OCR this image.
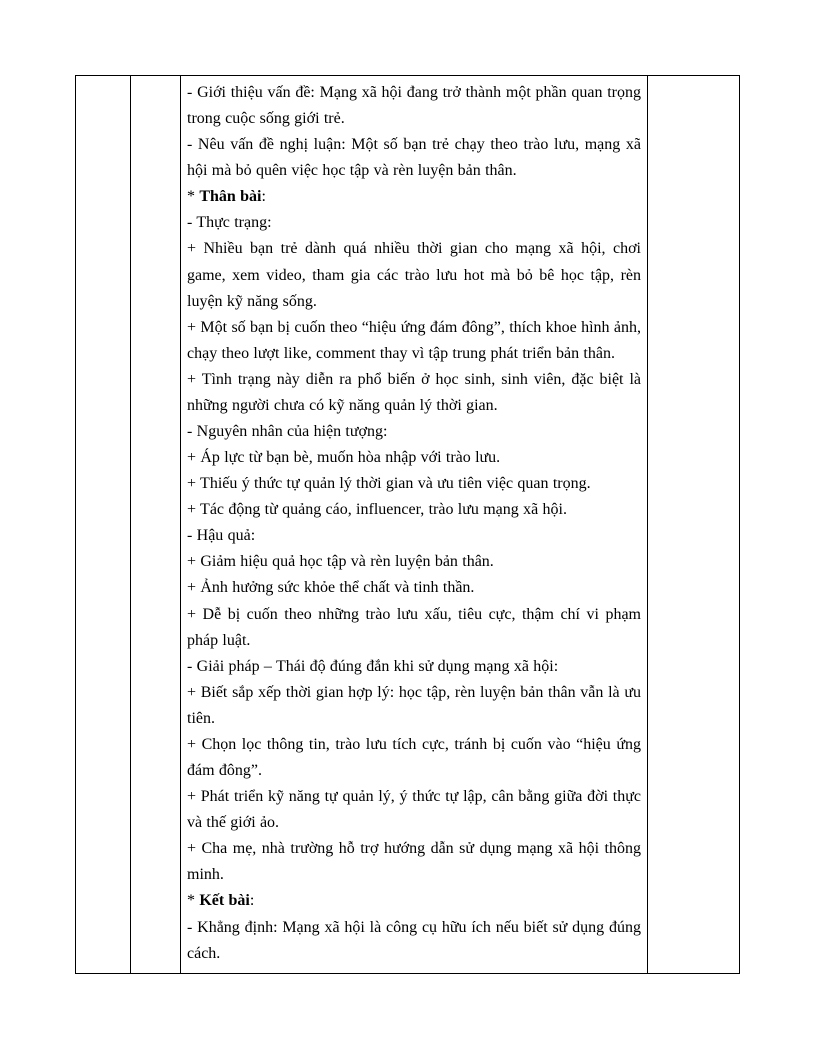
- Giới thiệu vấn đề: Mạng xã hội đang trở thành một phần quan trọng trong cuộc sống giới trẻ.

- Nêu vấn đề nghị luận: Một số bạn trẻ chạy theo trào lưu, mạng xã hội mà bỏ quên việc học tập và rèn luyện bản thân.

* Thân bài:

- Thực trạng:

+ Nhiều bạn trẻ dành quá nhiều thời gian cho mạng xã hội, chơi game, xem video, tham gia các trào lưu hot mà bỏ bê học tập, rèn luyện kỹ năng sống.

+ Một số bạn bị cuốn theo “hiệu ứng đám đông”, thích khoe hình ảnh, chạy theo lượt like, comment thay vì tập trung phát triển bản thân.

+ Tình trạng này diễn ra phổ biến ở học sinh, sinh viên, đặc biệt là những người chưa có kỹ năng quản lý thời gian.

- Nguyên nhân của hiện tượng:

+ Áp lực từ bạn bè, muốn hòa nhập với trào lưu.

+ Thiếu ý thức tự quản lý thời gian và ưu tiên việc quan trọng.

+ Tác động từ quảng cáo, influencer, trào lưu mạng xã hội.

- Hậu quả:

+ Giảm hiệu quả học tập và rèn luyện bản thân.

+ Ảnh hưởng sức khỏe thể chất và tinh thần.

+ Dễ bị cuốn theo những trào lưu xấu, tiêu cực, thậm chí vi phạm pháp luật.

- Giải pháp – Thái độ đúng đắn khi sử dụng mạng xã hội:

+ Biết sắp xếp thời gian hợp lý: học tập, rèn luyện bản thân vẫn là ưu tiên.

+ Chọn lọc thông tin, trào lưu tích cực, tránh bị cuốn vào “hiệu ứng đám đông”.

+ Phát triển kỹ năng tự quản lý, ý thức tự lập, cân bằng giữa đời thực và thế giới ảo.

+ Cha mẹ, nhà trường hỗ trợ hướng dẫn sử dụng mạng xã hội thông minh.

* Kết bài:

- Khẳng định: Mạng xã hội là công cụ hữu ích nếu biết sử dụng đúng cách.
